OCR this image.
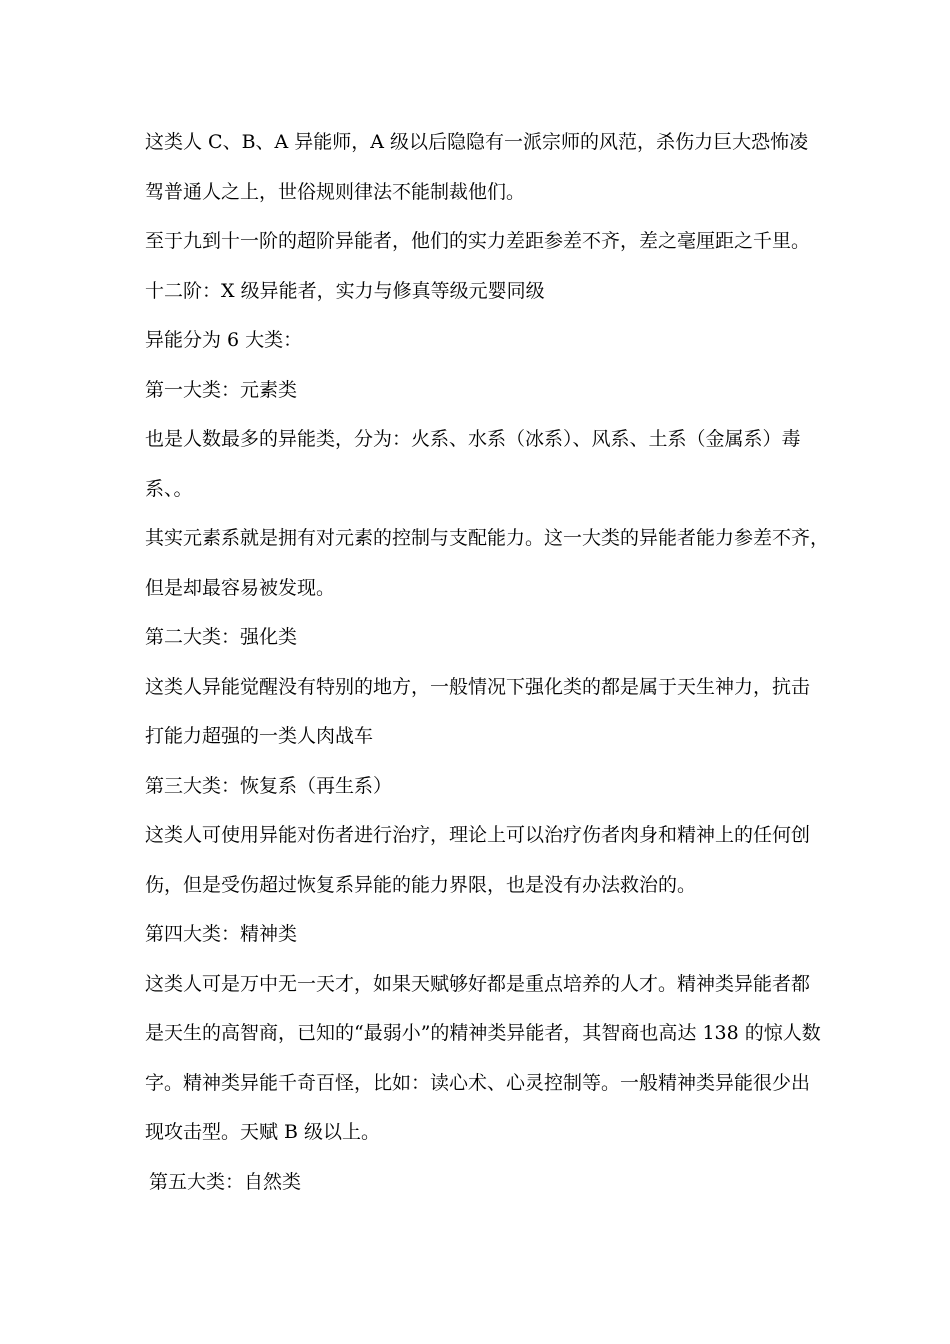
这类人 C、B、A 异能师，A 级以后隐隐有一派宗师的风范，杀伤力巨大恐怖凌

驾普通人之上，世俗规则律法不能制裁他们。

至于九到十一阶的超阶异能者，他们的实力差距参差不齐，差之毫厘距之千里。

十二阶：X 级异能者，实力与修真等级元婴同级

异能分为 6 大类：

第一大类：元素类

也是人数最多的异能类，分为：火系、水系（冰系）、风系、土系（金属系）毒

系、。

其实元素系就是拥有对元素的控制与支配能力。这一大类的异能者能力参差不齐，

但是却最容易被发现。

第二大类：强化类

这类人异能觉醒没有特别的地方，一般情况下强化类的都是属于天生神力，抗击

打能力超强的一类人肉战车

第三大类：恢复系（再生系）

这类人可使用异能对伤者进行治疗，理论上可以治疗伤者肉身和精神上的任何创

伤，但是受伤超过恢复系异能的能力界限，也是没有办法救治的。

第四大类：精神类

这类人可是万中无一天才，如果天赋够好都是重点培养的人才。精神类异能者都

是天生的高智商，已知的“最弱小”的精神类异能者，其智商也高达 138 的惊人数

字。精神类异能千奇百怪，比如：读心术、心灵控制等。一般精神类异能很少出

现攻击型。天赋 B 级以上。

第五大类：自然类
